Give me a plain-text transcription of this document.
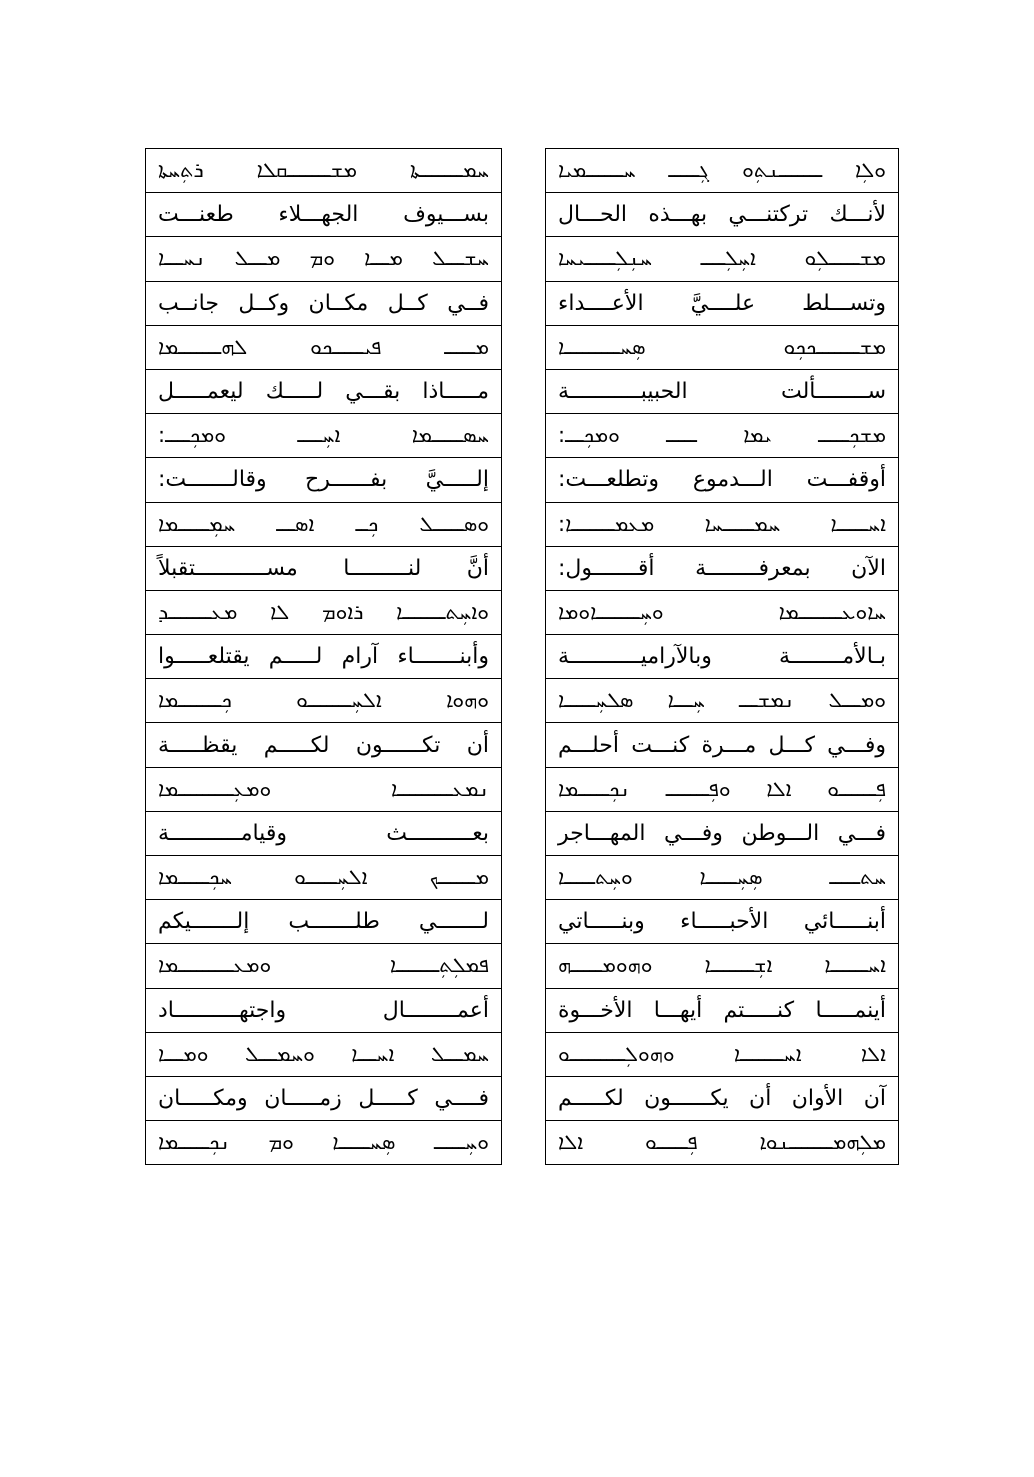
ܘܠܼܐ ـــــــܢܬܼܘ ܓܼـــــ ܚــــــܡܝܐ		ܚܡـــــــܬܐ ܡܫـــــــܩܠܐ ܪܬܼܚܬܐ
لأنـــك تركتنـــي بهـــذه الحـــال		بســـيوف الجهـــلاء طعنـــت
ܡܫـــــܠܼܘ ܐܚܼܠܼــــ ܚܢܼܠܼـــــܝܚܐ		ܚܫـــܠ ܡـــܐ ܘܡ ܡـــܠ ܢܚـــܐ
وتســـلط علــــيَّ الأعــــداء		فــي كــل مكــان وكــل جانــب
ܡܫـــــــܟܟܼܘ ܣܼܚـــــــــܐ		ܡـــــ ܦܝـــــܟܘ ܠܗـــــــܡܐ
ســــــــألت الحبيبـــــــــــة		مـــــاذا بقـــي لـــــك ليعمـــــل
ܡܫܟܼـــــ ܝܡܐ ـــــ ܘܡܟܼـــ:		ܚܣـــــܡܐ ܐܚܼــــ ܘܡܟܼــــ:
أوقفـــت الـــدموع وتطلعـــت:		إلـــــيَّ بفــــــرح وقالـــــــت:
ܐܚـــــܐ ܚܡـــــܚܐ ܡܥܡـــــــܐ:		ܘܣـــــܠ ܟܼــ ܐܣـــ ܚܡܼـــــܡܐ
الآن بمعرفــــــــة أقـــــــول:		أنَّ لنـــــــــا مســـــــــــتقبلاً
ܚܐܘܥـــــــܡܐ ܘܚܼـــــــܐܘܡܐ		ܘܐܚܼܬـــــــܐ ܪܐܘܡ ܠܐ ܡܥـــــــܕ
بـالأمــــــــة وبالآراميـــــــــــة		وأبنـــــــاء آرام لـــــم يقتلعـــــوا
ܘܡـــܠ ܢܡܫـــ ܚܼـــܐ ܣܠܚܼـــــܐ		ܘܗܘܐ ܐܠܚܼـــــــܘ ܟܼـــــــܡܐ
وفـــي كـــل مـــرة كنـــت أحلـــم		أن تكــــــون لكـــــم يقظـــــة
ܦܼــــــܘ ܐܠܐ ܘܦܼـــــــ ܢܟܼـــــܡܐ		ܢܡܥـــــــــܐ ܘܡܥܼـــــــــܡܐ
فـــي الـــوطن وفـــي المهـــاجر		بعــــــــــث وقيامـــــــــــة
ܚܬـــــ ܣܼܚܼـــــܐ ܘܚܼܬـــــܐ		ܡــــــܟ ܐܠܚܼـــــܘ ܚܟܼـــــܡܐ
أبنـــــائي الأحبـــــاء وبنـــــاتي		لـــــــي طلـــــــب إلـــــــيكم
ܐܚــــــܐ ܐܫܼـــــــܐ ܘܗܘܡـــــܗ		ܦܡܠܼܬܼـــــــܐ ܘܡܥـــــــــܡܐ
أينمـــــا كنـــــتم أيهـــا الأخـــوة		أعمــــــــال واجتهــــــــــاد
ܐܠܐ ܐܚـــــــܐ ܘܗܘܠܼـــــــــܘ		ܚܡـــܠ ܐܚـــܐ ܘܚܡـــܠ ܘܡـــܐ
آن الأوان أن يكــــــون لكـــــم		فــــي كـــــل زمـــــان ومكـــــان
ܡܠܼܗܡـــــــܢܘܐ ܦܼـــــܘ ܐܠܐ		ܘܚܼـــــ ܣܼܚـــــܐ ܘܡ ܢܟܼـــــܡܐ
